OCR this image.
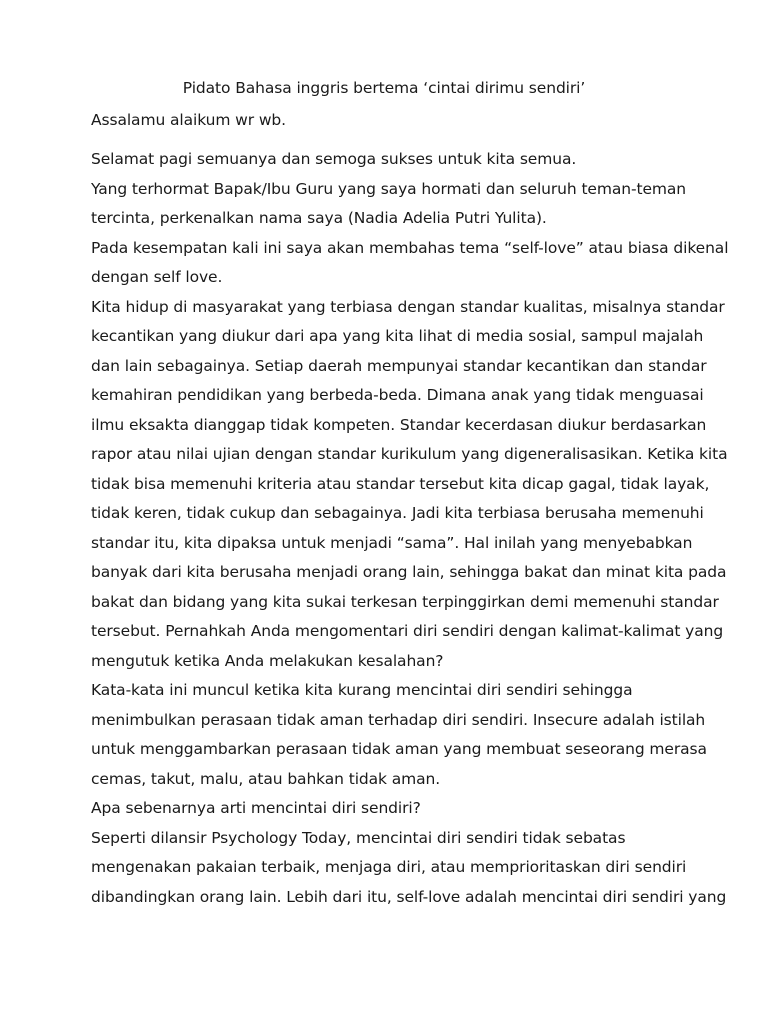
Pidato Bahasa inggris bertema ‘cintai dirimu sendiri’

Assalamu alaikum wr wb.

Selamat pagi semuanya dan semoga sukses untuk kita semua.

Yang terhormat Bapak/Ibu Guru yang saya hormati dan seluruh teman-teman
tercinta, perkenalkan nama saya (Nadia Adelia Putri Yulita).

Pada kesempatan kali ini saya akan membahas tema “self-love” atau biasa dikenal
dengan self love.

Kita hidup di masyarakat yang terbiasa dengan standar kualitas, misalnya standar
kecantikan yang diukur dari apa yang kita lihat di media sosial, sampul majalah
dan lain sebagainya. Setiap daerah mempunyai standar kecantikan dan standar
kemahiran pendidikan yang berbeda-beda. Dimana anak yang tidak menguasai
ilmu eksakta dianggap tidak kompeten. Standar kecerdasan diukur berdasarkan
rapor atau nilai ujian dengan standar kurikulum yang digeneralisasikan. Ketika kita
tidak bisa memenuhi kriteria atau standar tersebut kita dicap gagal, tidak layak,
tidak keren, tidak cukup dan sebagainya. Jadi kita terbiasa berusaha memenuhi
standar itu, kita dipaksa untuk menjadi “sama”. Hal inilah yang menyebabkan
banyak dari kita berusaha menjadi orang lain, sehingga bakat dan minat kita pada
bakat dan bidang yang kita sukai terkesan terpinggirkan demi memenuhi standar
tersebut. Pernahkah Anda mengomentari diri sendiri dengan kalimat-kalimat yang
mengutuk ketika Anda melakukan kesalahan?

Kata-kata ini muncul ketika kita kurang mencintai diri sendiri sehingga
menimbulkan perasaan tidak aman terhadap diri sendiri. Insecure adalah istilah
untuk menggambarkan perasaan tidak aman yang membuat seseorang merasa
cemas, takut, malu, atau bahkan tidak aman.

Apa sebenarnya arti mencintai diri sendiri?

Seperti dilansir Psychology Today, mencintai diri sendiri tidak sebatas
mengenakan pakaian terbaik, menjaga diri, atau memprioritaskan diri sendiri
dibandingkan orang lain. Lebih dari itu, self-love adalah mencintai diri sendiri yang
